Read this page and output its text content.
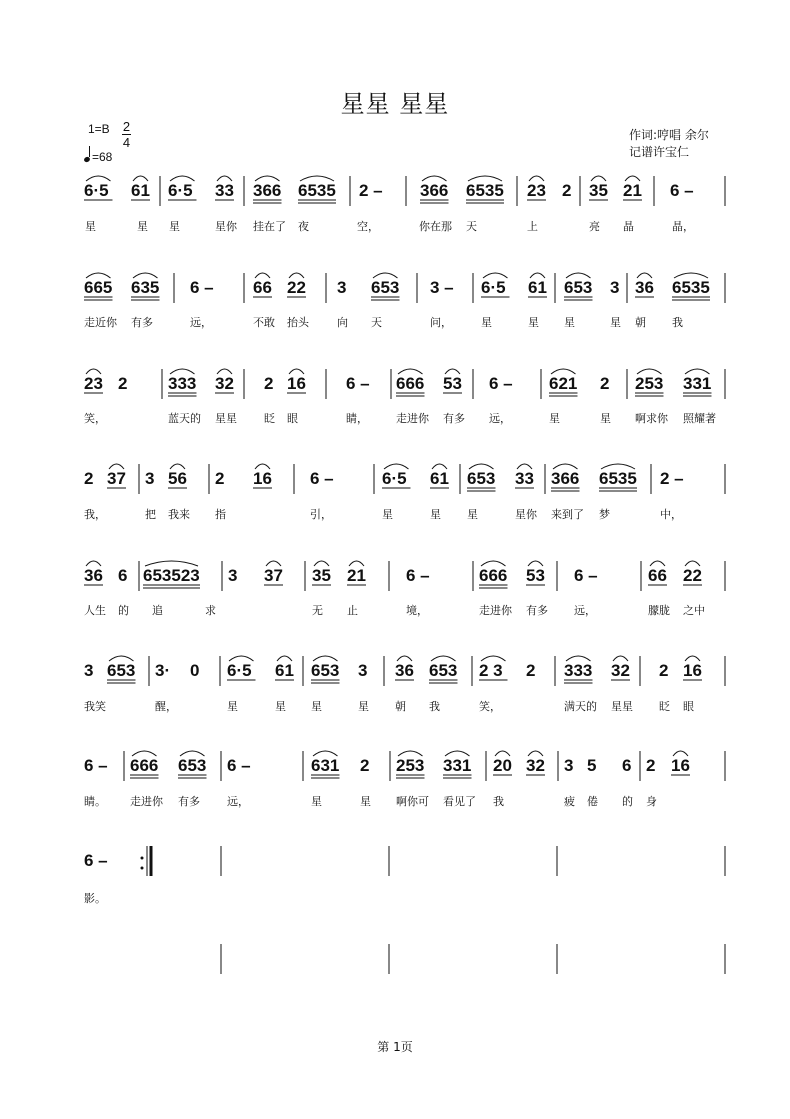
星星 星星
1=B 2
4
=68
作词:哼唱 余尔
记谱许宝仁
6·5 61 6·5 33 366 6535 2 – 366 6535 23 2 35 21 6 –
星	星 星	星你 挂在了 夜	空，	你在那 天	上	亮 晶	晶，
665 635 6 – 66 22 3 653 3 – 6·5 61 653 3 36 6535
走近你 有多	远，	不敢 抬头	向 天	问，	星	星 星	星 朝 我
23 2 333 32 2 16 6 – 666 53 6 – 621 2 253 331
笑，	蓝天的 星星 眨 眼	睛，	走进你 有多 远，	星	星 啊求你 照耀著
2 37 3 56 2 16 6 –	6·5 61 653 33 366 6535 2 –
我，	把 我来 指	引，	星	星 星	星你 来到了 梦	中，
36 6 653523 3 37 35 21 6 –	666 53 6 –	66 22
人生 的 追	求	无 止	境，	走进你 有多 远，	朦胧 之中
3 653 3· 0 6·5 61 653 3 36 653 2 3 2 333 32 2 16
我笑	醒，	星	星 星	星 朝 我	笑，	满天的 星星 眨 眼
6 – 666 653 6 –	631 2 253 331 20 32 3 5 6 2 16
睛。 走进你 有多 远，	星	星 啊你可 看见了 我	疲 倦 的 身
6 –
影。
第 1页
